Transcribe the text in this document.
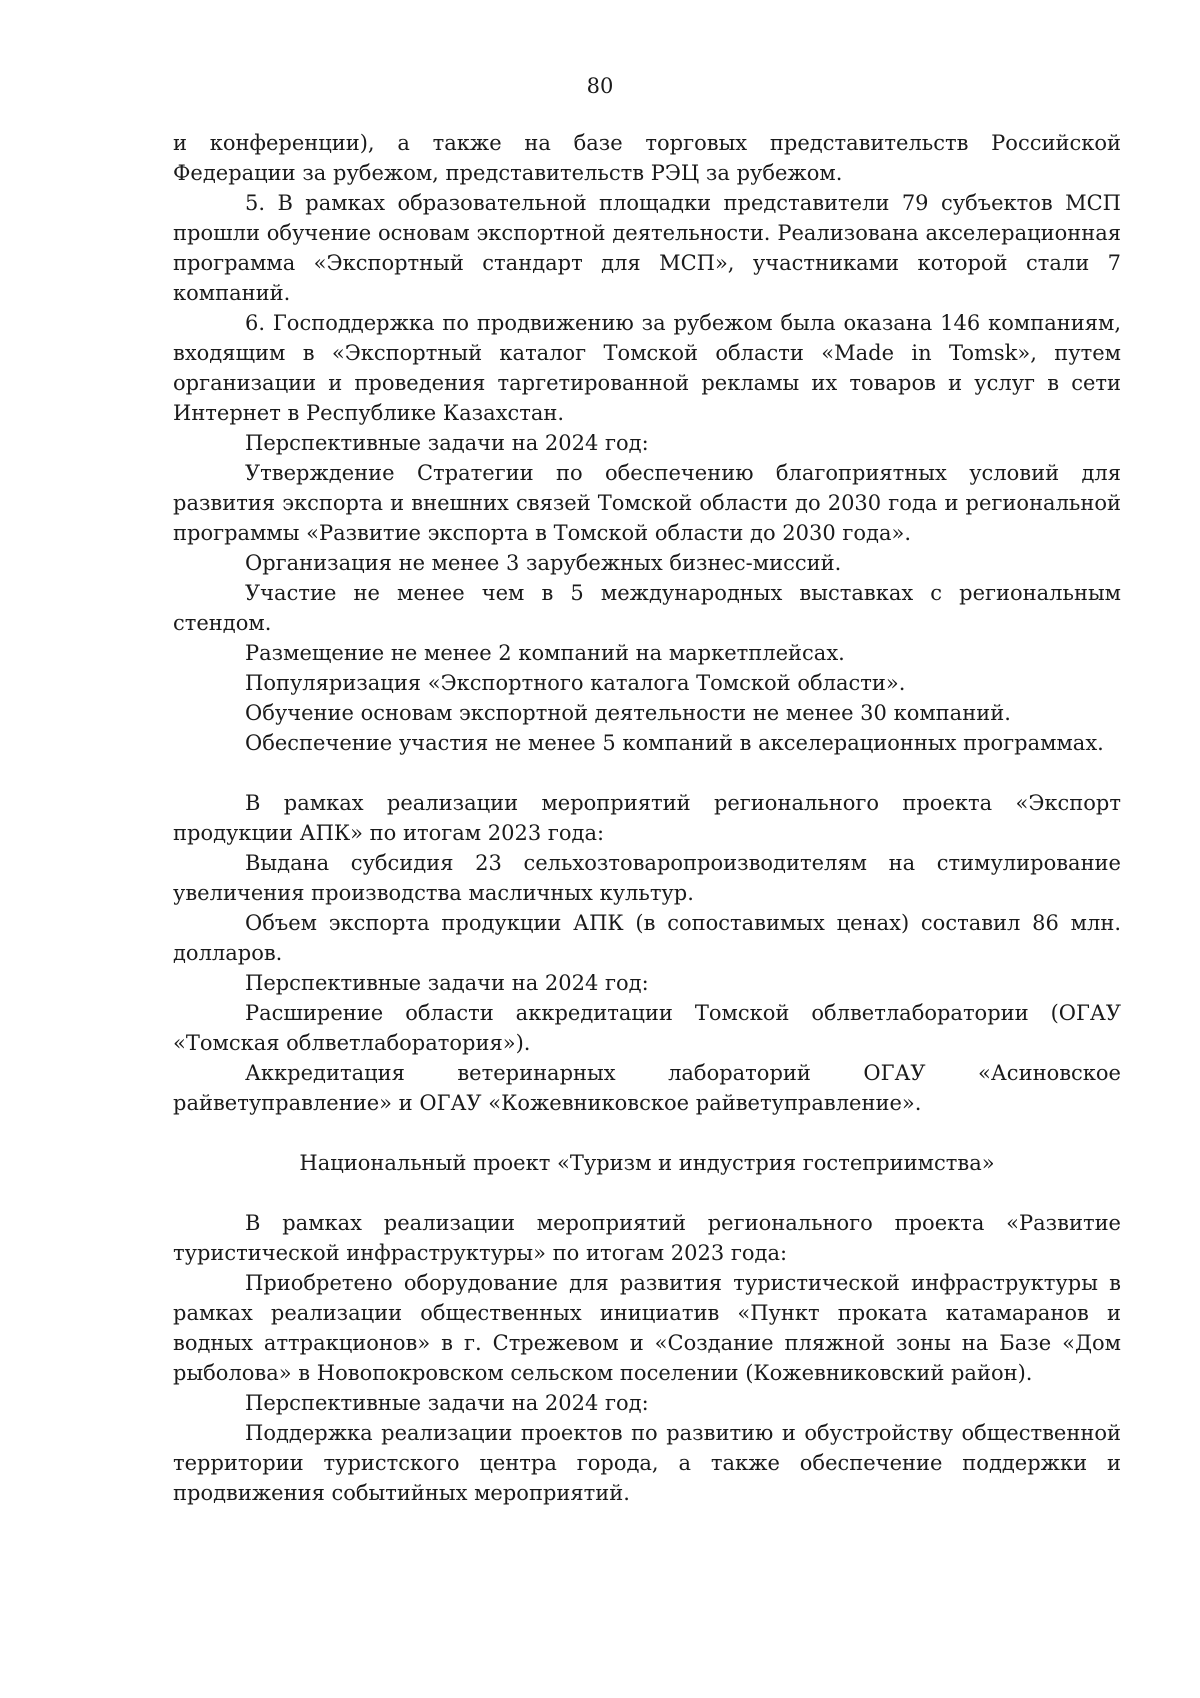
80

и конференции), а также на базе торговых представительств Российской Федерации за рубежом, представительств РЭЦ за рубежом.

5. В рамках образовательной площадки представители 79 субъектов МСП прошли обучение основам экспортной деятельности. Реализована акселерационная программа «Экспортный стандарт для МСП», участниками которой стали 7 компаний.

6. Господдержка по продвижению за рубежом была оказана 146 компаниям, входящим в «Экспортный каталог Томской области «Made in Tomsk», путем организации и проведения таргетированной рекламы их товаров и услуг в сети Интернет в Республике Казахстан.

Перспективные задачи на 2024 год:

Утверждение Стратегии по обеспечению благоприятных условий для развития экспорта и внешних связей Томской области до 2030 года и региональной программы «Развитие экспорта в Томской области до 2030 года».

Организация не менее 3 зарубежных бизнес-миссий.

Участие не менее чем в 5 международных выставках с региональным стендом.

Размещение не менее 2 компаний на маркетплейсах.

Популяризация «Экспортного каталога Томской области».

Обучение основам экспортной деятельности не менее 30 компаний.

Обеспечение участия не менее 5 компаний в акселерационных программах.

В рамках реализации мероприятий регионального проекта «Экспорт продукции АПК» по итогам 2023 года:

Выдана субсидия 23 сельхозтоваропроизводителям на стимулирование увеличения производства масличных культур.

Объем экспорта продукции АПК (в сопоставимых ценах) составил 86 млн. долларов.

Перспективные задачи на 2024 год:

Расширение области аккредитации Томской облветлаборатории (ОГАУ «Томская облветлаборатория»).

Аккредитация ветеринарных лабораторий ОГАУ «Асиновское райветуправление» и ОГАУ «Кожевниковское райветуправление».

Национальный проект «Туризм и индустрия гостеприимства»

В рамках реализации мероприятий регионального проекта «Развитие туристической инфраструктуры» по итогам 2023 года:

Приобретено оборудование для развития туристической инфраструктуры в рамках реализации общественных инициатив «Пункт проката катамаранов и водных аттракционов» в г. Стрежевом и «Создание пляжной зоны на Базе «Дом рыболова» в Новопокровском сельском поселении (Кожевниковский район).

Перспективные задачи на 2024 год:

Поддержка реализации проектов по развитию и обустройству общественной территории туристского центра города, а также обеспечение поддержки и продвижения событийных мероприятий.
